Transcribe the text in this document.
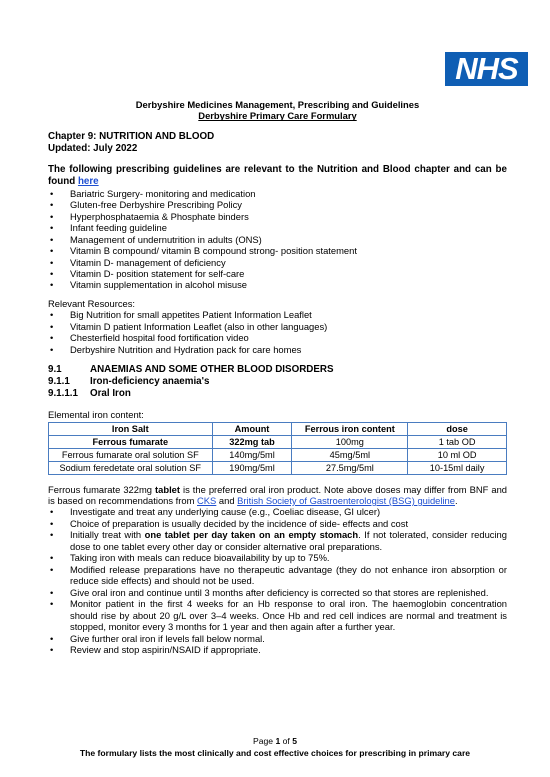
NHS
Derbyshire Medicines Management, Prescribing and Guidelines
Derbyshire Primary Care Formulary
Chapter 9: NUTRITION AND BLOOD
Updated: July 2022
The following prescribing guidelines are relevant to the Nutrition and Blood chapter and can be found here
• Bariatric Surgery- monitoring and medication
• Gluten-free Derbyshire Prescribing Policy
• Hyperphosphataemia & Phosphate binders
• Infant feeding guideline
• Management of undernutrition in adults (ONS)
• Vitamin B compound/ vitamin B compound strong- position statement
• Vitamin D- management of deficiency
• Vitamin D- position statement for self-care
• Vitamin supplementation in alcohol misuse
Relevant Resources:
• Big Nutrition for small appetites Patient Information Leaflet
• Vitamin D patient Information Leaflet (also in other languages)
• Chesterfield hospital food fortification video
• Derbyshire Nutrition and Hydration pack for care homes
9.1	ANAEMIAS AND SOME OTHER BLOOD DISORDERS
9.1.1	Iron-deficiency anaemia's
9.1.1.1	Oral Iron
Elemental iron content:
Iron Salt	Amount	Ferrous iron content	dose
Ferrous fumarate	322mg tab	100mg	1 tab OD
Ferrous fumarate oral solution SF	140mg/5ml	45mg/5ml	10 ml OD
Sodium feredetate oral solution SF	190mg/5ml	27.5mg/5ml	10-15ml daily
Ferrous fumarate 322mg tablet is the preferred oral iron product. Note above doses may differ from BNF and is based on recommendations from CKS and British Society of Gastroenterologist (BSG) guideline.
• Investigate and treat any underlying cause (e.g., Coeliac disease, GI ulcer)
• Choice of preparation is usually decided by the incidence of side- effects and cost
• Initially treat with one tablet per day taken on an empty stomach. If not tolerated, consider reducing dose to one tablet every other day or consider alternative oral preparations.
• Taking iron with meals can reduce bioavailability by up to 75%.
• Modified release preparations have no therapeutic advantage (they do not enhance iron absorption or reduce side effects) and should not be used.
• Give oral iron and continue until 3 months after deficiency is corrected so that stores are replenished.
• Monitor patient in the first 4 weeks for an Hb response to oral iron. The haemoglobin concentration should rise by about 20 g/L over 3–4 weeks. Once Hb and red cell indices are normal and treatment is stopped, monitor every 3 months for 1 year and then again after a further year.
• Give further oral iron if levels fall below normal.
• Review and stop aspirin/NSAID if appropriate.
Page 1 of 5
The formulary lists the most clinically and cost effective choices for prescribing in primary care
